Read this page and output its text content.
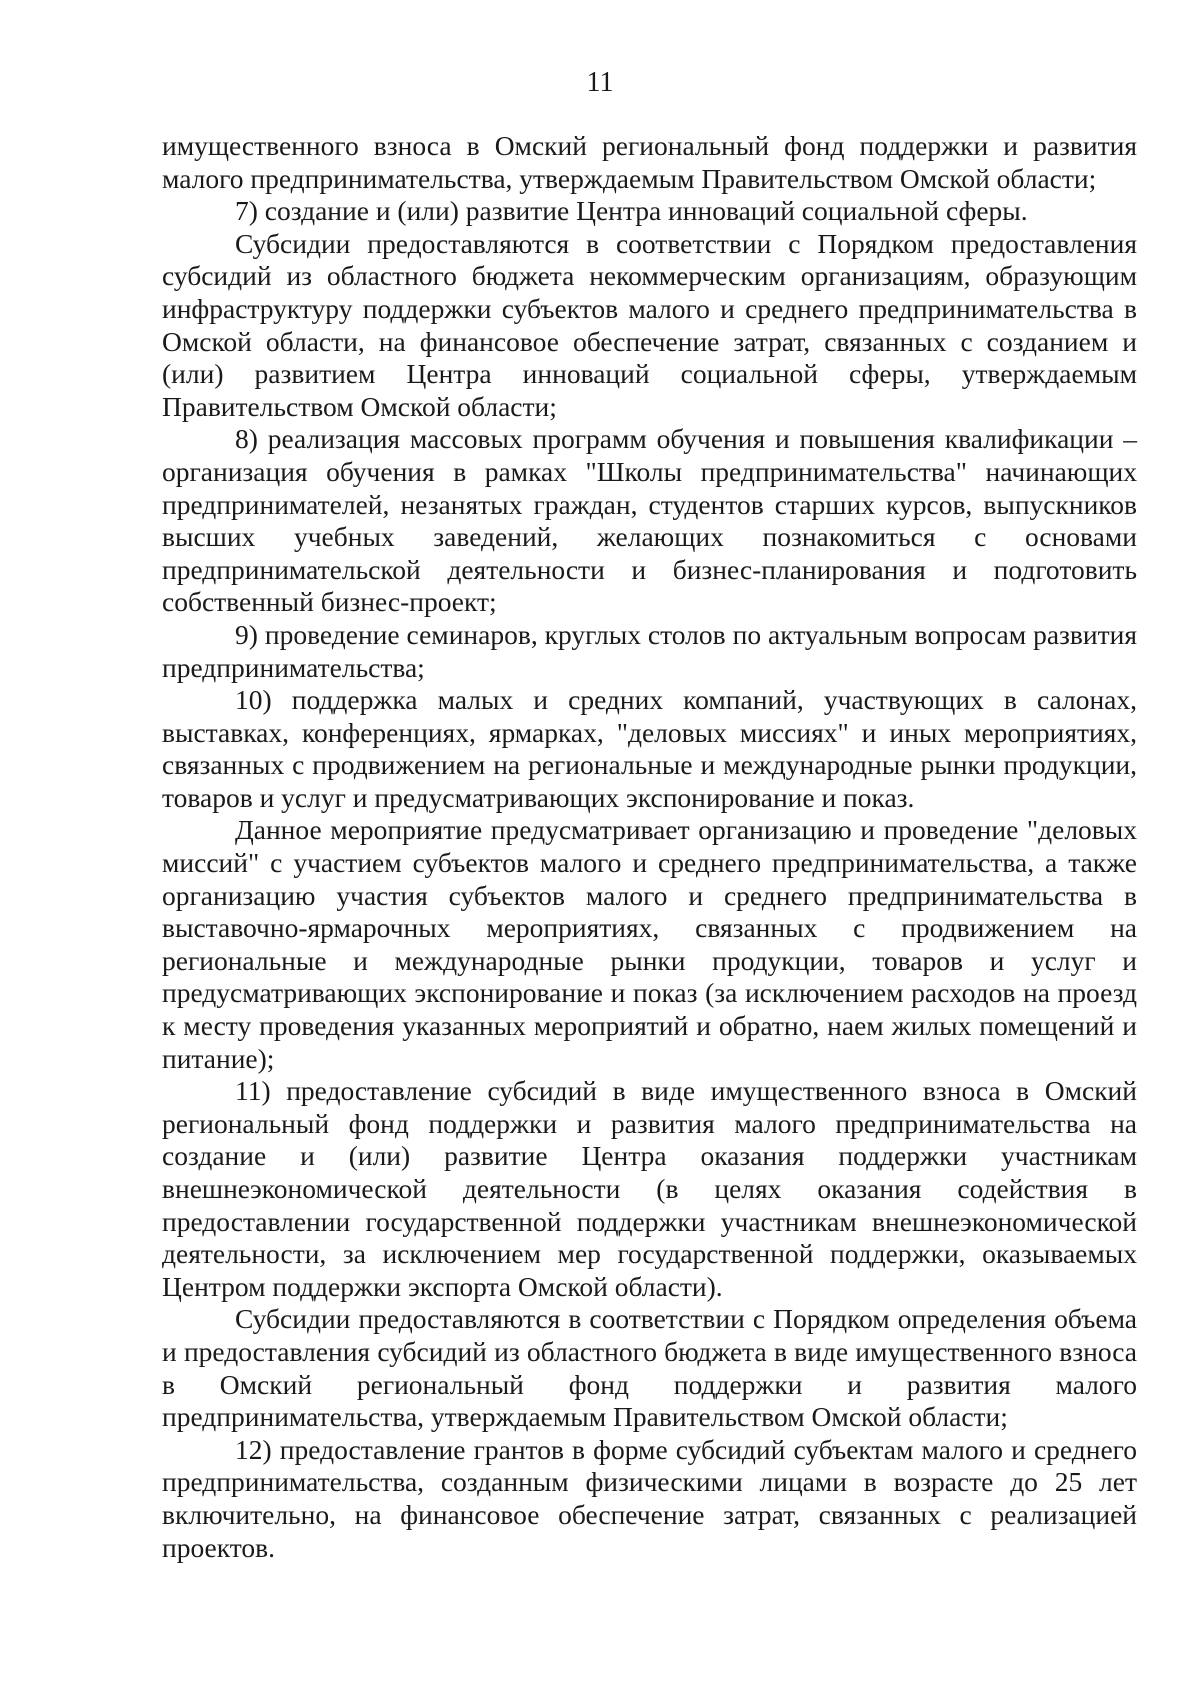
11

имущественного взноса в Омский региональный фонд поддержки и развития малого предпринимательства, утверждаемым Правительством Омской области;

7) создание и (или) развитие Центра инноваций социальной сферы.

Субсидии предоставляются в соответствии с Порядком предоставления субсидий из областного бюджета некоммерческим организациям, образующим инфраструктуру поддержки субъектов малого и среднего предпринимательства в Омской области, на финансовое обеспечение затрат, связанных с созданием и (или) развитием Центра инноваций социальной сферы, утверждаемым Правительством Омской области;

8) реализация массовых программ обучения и повышения квалификации – организация обучения в рамках "Школы предпринимательства" начинающих предпринимателей, незанятых граждан, студентов старших курсов, выпускников высших учебных заведений, желающих познакомиться с основами предпринимательской деятельности и бизнес-планирования и подготовить собственный бизнес-проект;

9) проведение семинаров, круглых столов по актуальным вопросам развития предпринимательства;

10) поддержка малых и средних компаний, участвующих в салонах, выставках, конференциях, ярмарках, "деловых миссиях" и иных мероприятиях, связанных с продвижением на региональные и международные рынки продукции, товаров и услуг и предусматривающих экспонирование и показ.

Данное мероприятие предусматривает организацию и проведение "деловых миссий" с участием субъектов малого и среднего предпринимательства, а также организацию участия субъектов малого и среднего предпринимательства в выставочно-ярмарочных мероприятиях, связанных с продвижением на региональные и международные рынки продукции, товаров и услуг и предусматривающих экспонирование и показ (за исключением расходов на проезд к месту проведения указанных мероприятий и обратно, наем жилых помещений и питание);

11) предоставление субсидий в виде имущественного взноса в Омский региональный фонд поддержки и развития малого предпринимательства на создание и (или) развитие Центра оказания поддержки участникам внешнеэкономической деятельности (в целях оказания содействия в предоставлении государственной поддержки участникам внешнеэкономической деятельности, за исключением мер государственной поддержки, оказываемых Центром поддержки экспорта Омской области).

Субсидии предоставляются в соответствии с Порядком определения объема и предоставления субсидий из областного бюджета в виде имущественного взноса в Омский региональный фонд поддержки и развития малого предпринимательства, утверждаемым Правительством Омской области;

12) предоставление грантов в форме субсидий субъектам малого и среднего предпринимательства, созданным физическими лицами в возрасте до 25 лет включительно, на финансовое обеспечение затрат, связанных с реализацией проектов.
